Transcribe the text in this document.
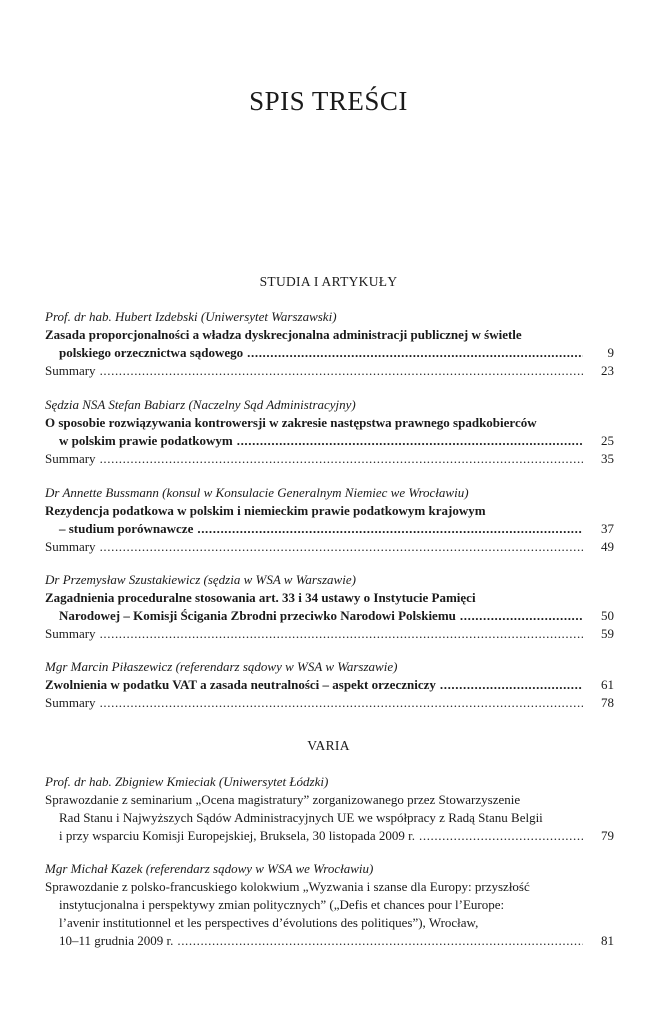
SPIS TREŚCI
STUDIA I ARTYKUŁY
Prof. dr hab. Hubert Izdebski (Uniwersytet Warszawski)
Zasada proporcjonalności a władza dyskrecjonalna administracji publicznej w świetle
polskiego orzecznictwa sądowego .....	9
Summary .....	23
Sędzia NSA Stefan Babiarz (Naczelny Sąd Administracyjny)
O sposobie rozwiązywania kontrowersji w zakresie następstwa prawnego spadkobierców
w polskim prawie podatkowym .....	25
Summary .....	35
Dr Annette Bussmann (konsul w Konsulacie Generalnym Niemiec we Wrocławiu)
Rezydencja podatkowa w polskim i niemieckim prawie podatkowym krajowym
– studium porównawcze .....	37
Summary .....	49
Dr Przemysław Szustakiewicz (sędzia w WSA w Warszawie)
Zagadnienia proceduralne stosowania art. 33 i 34 ustawy o Instytucie Pamięci
Narodowej – Komisji Ścigania Zbrodni przeciwko Narodowi Polskiemu .....	50
Summary .....	59
Mgr Marcin Piłaszewicz (referendarz sądowy w WSA w Warszawie)
Zwolnienia w podatku VAT a zasada neutralności – aspekt orzeczniczy .....	61
Summary .....	78
VARIA
Prof. dr hab. Zbigniew Kmieciak (Uniwersytet Łódzki)
Sprawozdanie z seminarium „Ocena magistratury” zorganizowanego przez Stowarzyszenie
Rad Stanu i Najwyższych Sądów Administracyjnych UE we współpracy z Radą Stanu Belgii
i przy wsparciu Komisji Europejskiej, Bruksela, 30 listopada 2009 r. .....	79
Mgr Michał Kazek (referendarz sądowy w WSA we Wrocławiu)
Sprawozdanie z polsko-francuskiego kolokwium „Wyzwania i szanse dla Europy: przyszłość
instytucjonalna i perspektywy zmian politycznych” („Defis et chances pour l’Europe:
l’avenir institutionnel et les perspectives d’évolutions des politiques”), Wrocław,
10–11 grudnia 2009 r. .....	81
